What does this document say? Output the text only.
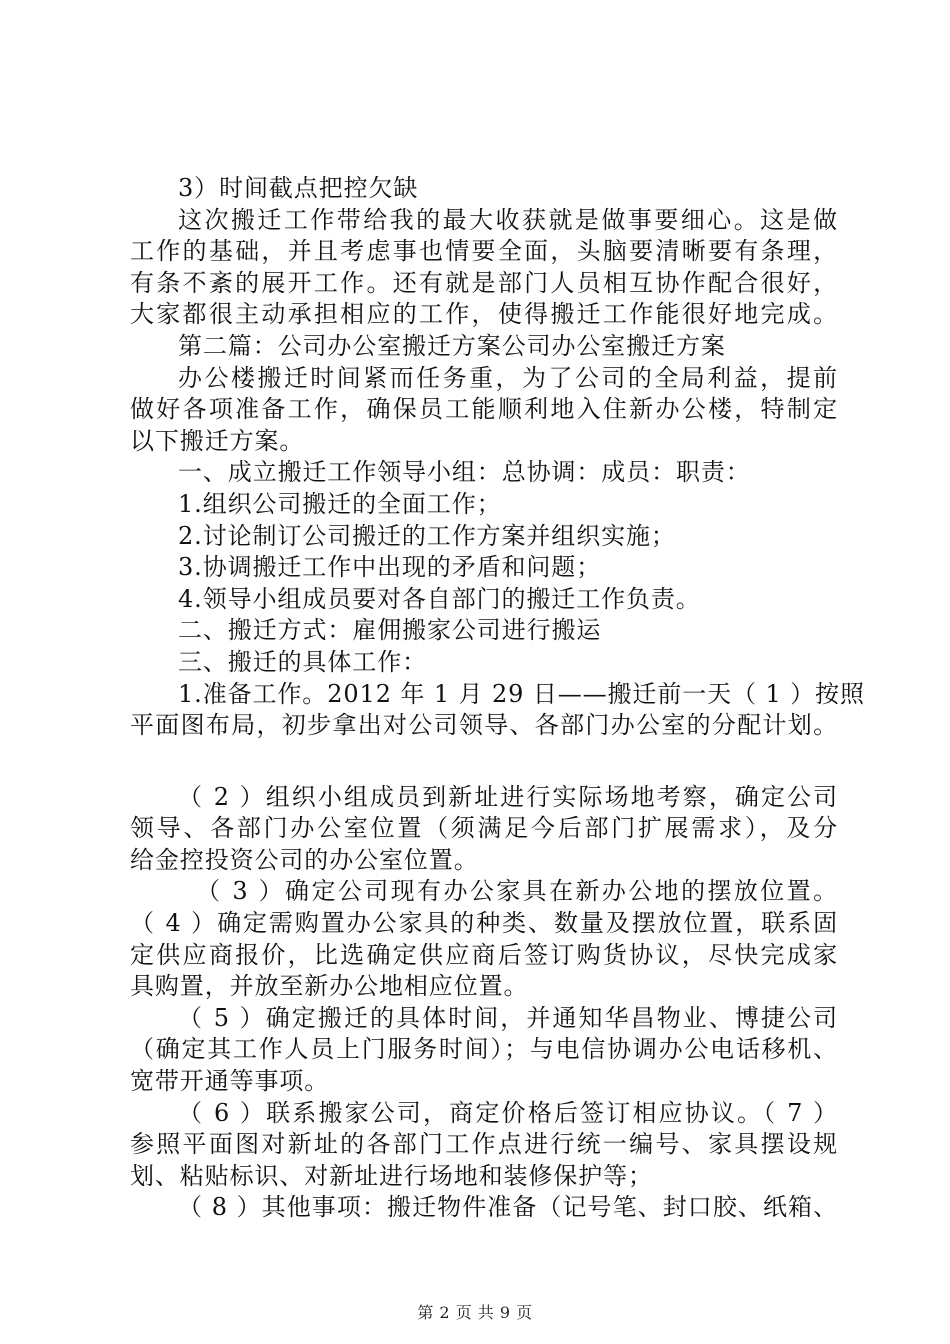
3）时间截点把控欠缺
这次搬迁工作带给我的最大收获就是做事要细心。这是做
工作的基础，并且考虑事也情要全面，头脑要清晰要有条理，
有条不紊的展开工作。还有就是部门人员相互协作配合很好，
大家都很主动承担相应的工作，使得搬迁工作能很好地完成。
第二篇：公司办公室搬迁方案公司办公室搬迁方案
办公楼搬迁时间紧而任务重，为了公司的全局利益，提前
做好各项准备工作，确保员工能顺利地入住新办公楼，特制定
以下搬迁方案。
一、成立搬迁工作领导小组：总协调：成员：职责：
1.组织公司搬迁的全面工作；
2.讨论制订公司搬迁的工作方案并组织实施；
3.协调搬迁工作中出现的矛盾和问题；
4.领导小组成员要对各自部门的搬迁工作负责。
二、搬迁方式：雇佣搬家公司进行搬运
三、搬迁的具体工作：
1.准备工作。2012 年 1 月 29 日——搬迁前一天（ 1 ）按照
平面图布局，初步拿出对公司领导、各部门办公室的分配计划。
（ 2 ）组织小组成员到新址进行实际场地考察，确定公司
领导、各部门办公室位置（须满足今后部门扩展需求），及分
给金控投资公司的办公室位置。
（ 3 ）确定公司现有办公家具在新办公地的摆放位置。
（ 4 ）确定需购置办公家具的种类、数量及摆放位置，联系固
定供应商报价，比选确定供应商后签订购货协议，尽快完成家
具购置，并放至新办公地相应位置。
（ 5 ）确定搬迁的具体时间，并通知华昌物业、博捷公司
（确定其工作人员上门服务时间）；与电信协调办公电话移机、
宽带开通等事项。
（ 6 ）联系搬家公司，商定价格后签订相应协议。（ 7 ）
参照平面图对新址的各部门工作点进行统一编号、家具摆设规
划、粘贴标识、对新址进行场地和装修保护等；
（ 8 ）其他事项：搬迁物件准备（记号笔、封口胶、纸箱、
第 2 页 共 9 页
